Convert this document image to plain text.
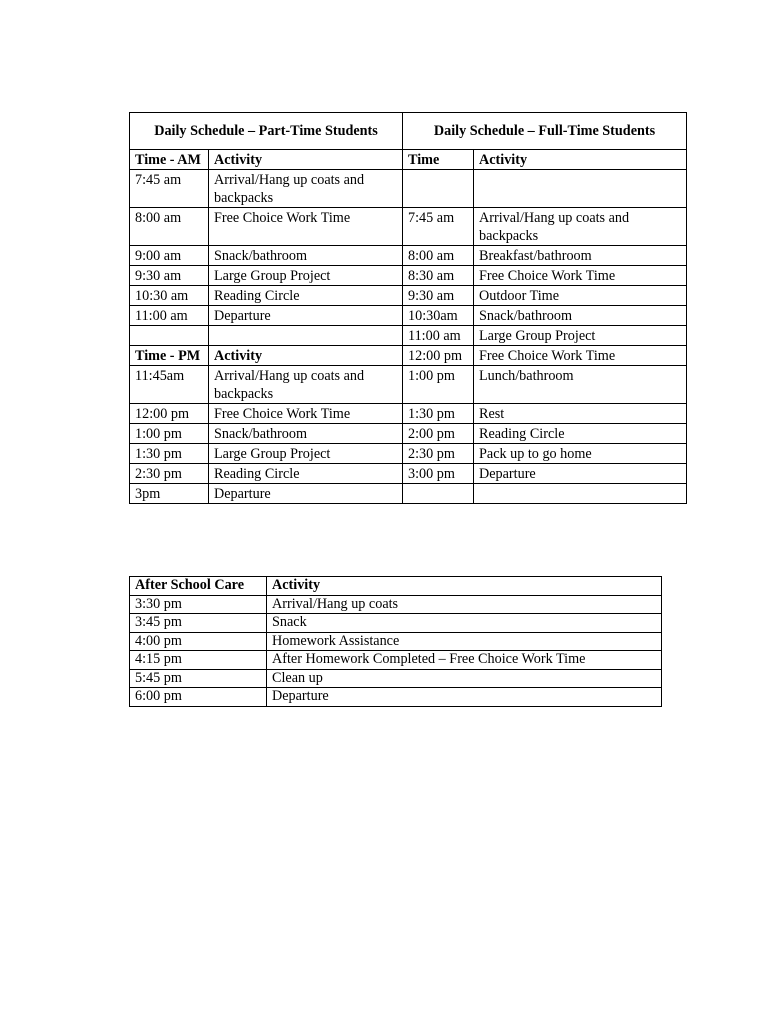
Daily Schedule – Part-Time Students		Daily Schedule – Full-Time Students	
Time - AM	Activity	Time	Activity
7:45 am	Arrival/Hang up coats and backpacks		
8:00 am	Free Choice Work Time	7:45 am	Arrival/Hang up coats and backpacks
9:00 am	Snack/bathroom	8:00 am	Breakfast/bathroom
9:30 am	Large Group Project	8:30 am	Free Choice Work Time
10:30 am	Reading Circle	9:30 am	Outdoor Time
11:00 am	Departure	10:30am	Snack/bathroom
		11:00 am	Large Group Project
Time - PM	Activity	12:00 pm	Free Choice Work Time
11:45am	Arrival/Hang up coats and backpacks	1:00 pm	Lunch/bathroom
12:00 pm	Free Choice Work Time	1:30 pm	Rest
1:00 pm	Snack/bathroom	2:00 pm	Reading Circle
1:30 pm	Large Group Project	2:30 pm	Pack up to go home
2:30 pm	Reading Circle	3:00 pm	Departure
3pm	Departure		
After School Care	Activity
3:30 pm	Arrival/Hang up coats
3:45 pm	Snack
4:00 pm	Homework Assistance
4:15 pm	After Homework Completed – Free Choice Work Time
5:45 pm	Clean up
6:00 pm	Departure
